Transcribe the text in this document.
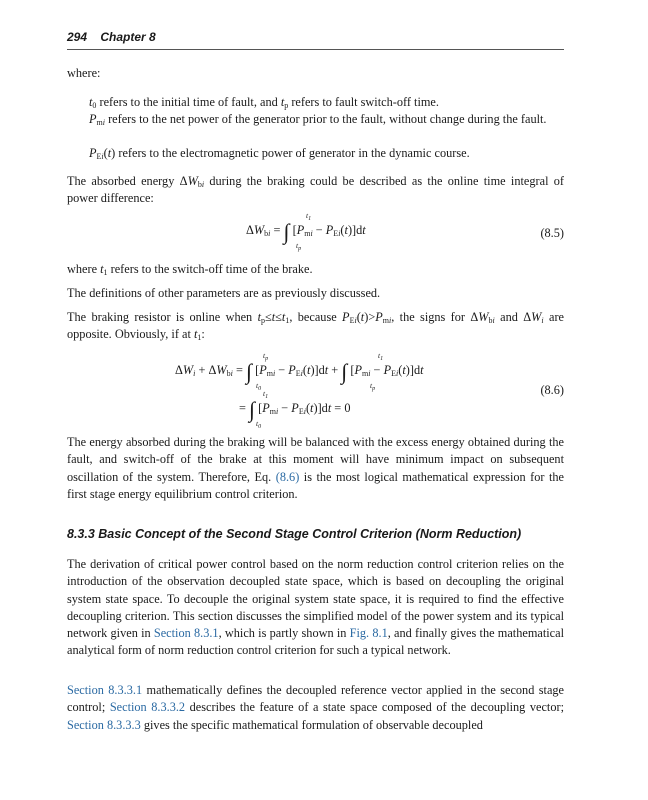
294 Chapter 8

where:

$t_0$ refers to the initial time of fault, and $t_p$ refers to fault switch-off time.

$P_{mi}$ refers to the net power of the generator prior to the fault, without change during the fault.

$P_{Ei}(t)$ refers to the electromagnetic power of generator in the dynamic course.

The absorbed energy $\Delta W_{bi}$ during the braking could be described as the online time integral of power difference:

$\Delta W_{bi}$ = ∫ $[P_{mi} - P_{Ei}(t)]dt$
$t_1$
$t_p$
(8.5)

where $t_1$ refers to the switch-off time of the brake.

The definitions of other parameters are as previously discussed.

The braking resistor is online when $t_p\le t\le t_1$, because $P_{Ei}(t)>P_{mi}$, the signs for $\Delta W_{bi}$ and $\Delta W_i$ are opposite. Obviously, if at $t_1$:

$\Delta W_i + \Delta W_{bi}$ = ∫ $[P_{mi} - P_{Ei}(t)]dt$ + ∫ $[P_{mi} - P_{Ei}(t)]dt$
$t_p$
$t_0$
$t_1$
$t_p$
= ∫ $[P_{mi} - P_{Ei}(t)]dt = 0$
$t_1$
$t_0$
(8.6)

The energy absorbed during the braking will be balanced with the excess energy obtained during the fault, and switch-off of the brake at this moment will have minimum impact on subsequent oscillation of the system. Therefore, Eq. (8.6) is the most logical mathematical expression for the first stage energy equilibrium control criterion.

8.3.3 Basic Concept of the Second Stage Control Criterion (Norm Reduction)

The derivation of critical power control based on the norm reduction control criterion relies on the introduction of the observation decoupled state space, which is based on decoupling the original system state space. To decouple the original system state space, it is required to find the effective decoupling criterion. This section discusses the simplified model of the power system and its typical network given in Section 8.3.1, which is partly shown in Fig. 8.1, and finally gives the mathematical analytical form of norm reduction control criterion for such a typical network.

Section 8.3.3.1 mathematically defines the decoupled reference vector applied in the second stage control; Section 8.3.3.2 describes the feature of a state space composed of the decoupling vector; Section 8.3.3.3 gives the specific mathematical formulation of observable decoupled
